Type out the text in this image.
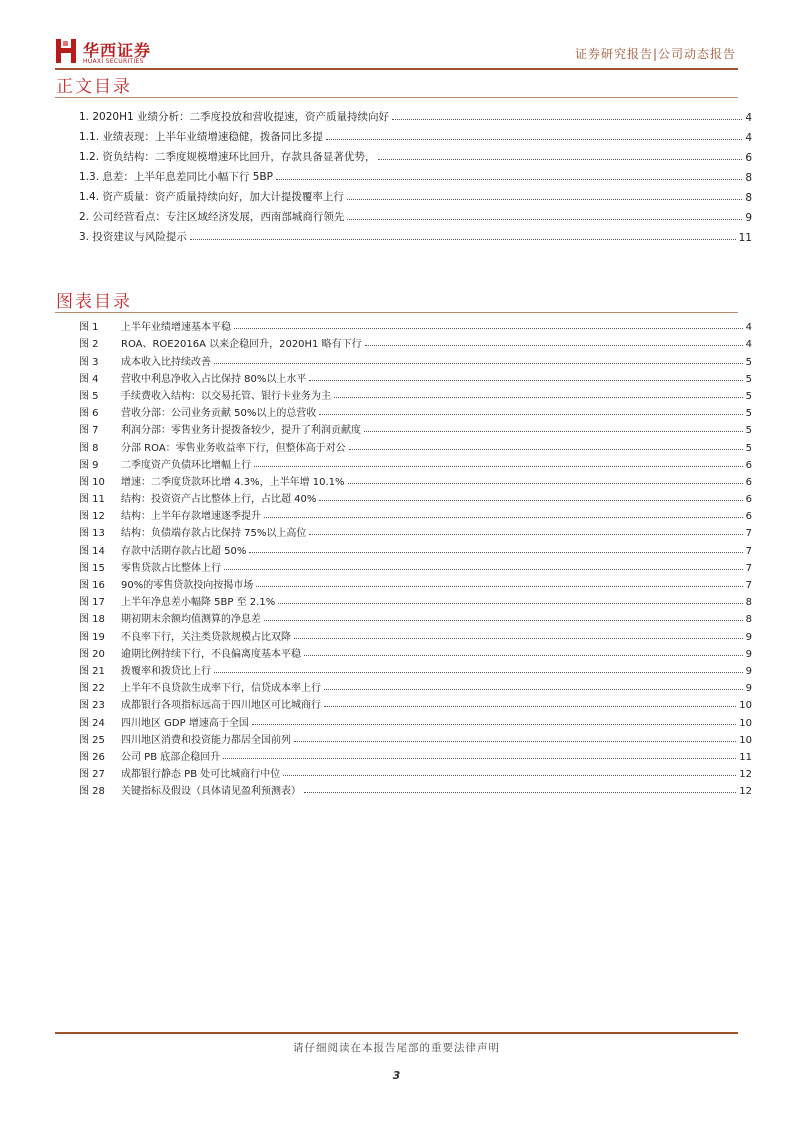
华西证券
HUAXI SECURITIES
证券研究报告|公司动态报告
正文目录
1. 2020H1 业绩分析：二季度投放和营收提速，资产质量持续向好	4
1.1. 业绩表现：上半年业绩增速稳健，拨备同比多提	4
1.2. 资负结构：二季度规模增速环比回升，存款具备显著优势，	6
1.3. 息差：上半年息差同比小幅下行 5BP	8
1.4. 资产质量：资产质量持续向好，加大计提拨覆率上行	8
2. 公司经营看点：专注区域经济发展，西南部城商行领先	9
3. 投资建议与风险提示	11
图表目录
图 1	上半年业绩增速基本平稳	4
图 2	ROA、ROE2016A 以来企稳回升，2020H1 略有下行	4
图 3	成本收入比持续改善	5
图 4	营收中利息净收入占比保持 80%以上水平	5
图 5	手续费收入结构：以交易托管、银行卡业务为主	5
图 6	营收分部：公司业务贡献 50%以上的总营收	5
图 7	利润分部：零售业务计提拨备较少，提升了利润贡献度	5
图 8	分部 ROA：零售业务收益率下行，但整体高于对公	5
图 9	二季度资产负债环比增幅上行	6
图 10	增速：二季度贷款环比增 4.3%，上半年增 10.1%	6
图 11	结构：投资资产占比整体上行，占比超 40%	6
图 12	结构：上半年存款增速逐季提升	6
图 13	结构：负债端存款占比保持 75%以上高位	7
图 14	存款中活期存款占比超 50%	7
图 15	零售贷款占比整体上行	7
图 16	90%的零售贷款投向按揭市场	7
图 17	上半年净息差小幅降 5BP 至 2.1%	8
图 18	期初期末余额均值测算的净息差	8
图 19	不良率下行，关注类贷款规模占比双降	9
图 20	逾期比例持续下行，不良偏离度基本平稳	9
图 21	拨覆率和拨贷比上行	9
图 22	上半年不良贷款生成率下行，信贷成本率上行	9
图 23	成都银行各项指标远高于四川地区可比城商行	10
图 24	四川地区 GDP 增速高于全国	10
图 25	四川地区消费和投资能力都居全国前列	10
图 26	公司 PB 底部企稳回升	11
图 27	成都银行静态 PB 处可比城商行中位	12
图 28	关键指标及假设（具体请见盈利预测表）	12
请仔细阅读在本报告尾部的重要法律声明
3
